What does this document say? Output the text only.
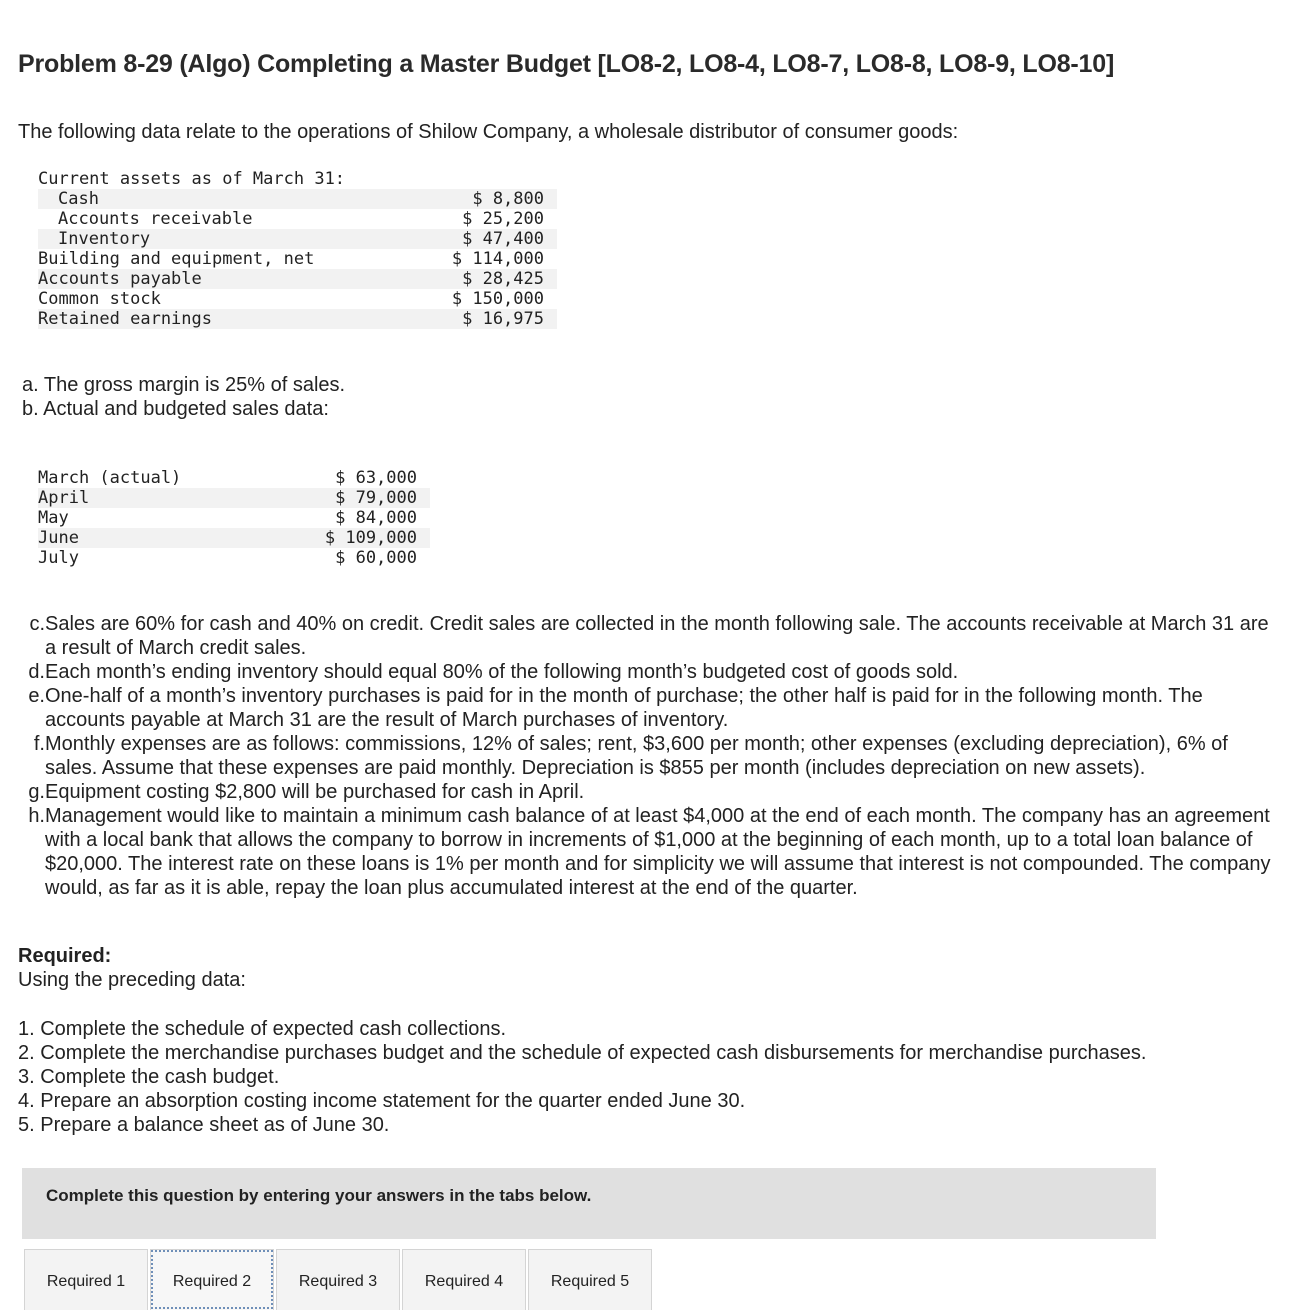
Problem 8-29 (Algo) Completing a Master Budget [LO8-2, LO8-4, LO8-7, LO8-8, LO8-9, LO8-10]
The following data relate to the operations of Shilow Company, a wholesale distributor of consumer goods:
Current assets as of March 31:	
Cash	$ 8,800
Accounts receivable	$ 25,200
Inventory	$ 47,400
Building and equipment, net	$ 114,000
Accounts payable	$ 28,425
Common stock	$ 150,000
Retained earnings	$ 16,975
a. The gross margin is 25% of sales.
b. Actual and budgeted sales data:
March (actual)	$ 63,000
April	$ 79,000
May	$ 84,000
June	$ 109,000
July	$ 60,000
c. Sales are 60% for cash and 40% on credit. Credit sales are collected in the month following sale. The accounts receivable at March 31 are a result of March credit sales.
d. Each month’s ending inventory should equal 80% of the following month’s budgeted cost of goods sold.
e. One-half of a month’s inventory purchases is paid for in the month of purchase; the other half is paid for in the following month. The accounts payable at March 31 are the result of March purchases of inventory.
f. Monthly expenses are as follows: commissions, 12% of sales; rent, $3,600 per month; other expenses (excluding depreciation), 6% of sales. Assume that these expenses are paid monthly. Depreciation is $855 per month (includes depreciation on new assets).
g. Equipment costing $2,800 will be purchased for cash in April.
h. Management would like to maintain a minimum cash balance of at least $4,000 at the end of each month. The company has an agreement with a local bank that allows the company to borrow in increments of $1,000 at the beginning of each month, up to a total loan balance of $20,000. The interest rate on these loans is 1% per month and for simplicity we will assume that interest is not compounded. The company would, as far as it is able, repay the loan plus accumulated interest at the end of the quarter.
Required:
Using the preceding data:
1. Complete the schedule of expected cash collections.
2. Complete the merchandise purchases budget and the schedule of expected cash disbursements for merchandise purchases.
3. Complete the cash budget.
4. Prepare an absorption costing income statement for the quarter ended June 30.
5. Prepare a balance sheet as of June 30.
Complete this question by entering your answers in the tabs below.
Required 1	Required 2	Required 3	Required 4	Required 5
